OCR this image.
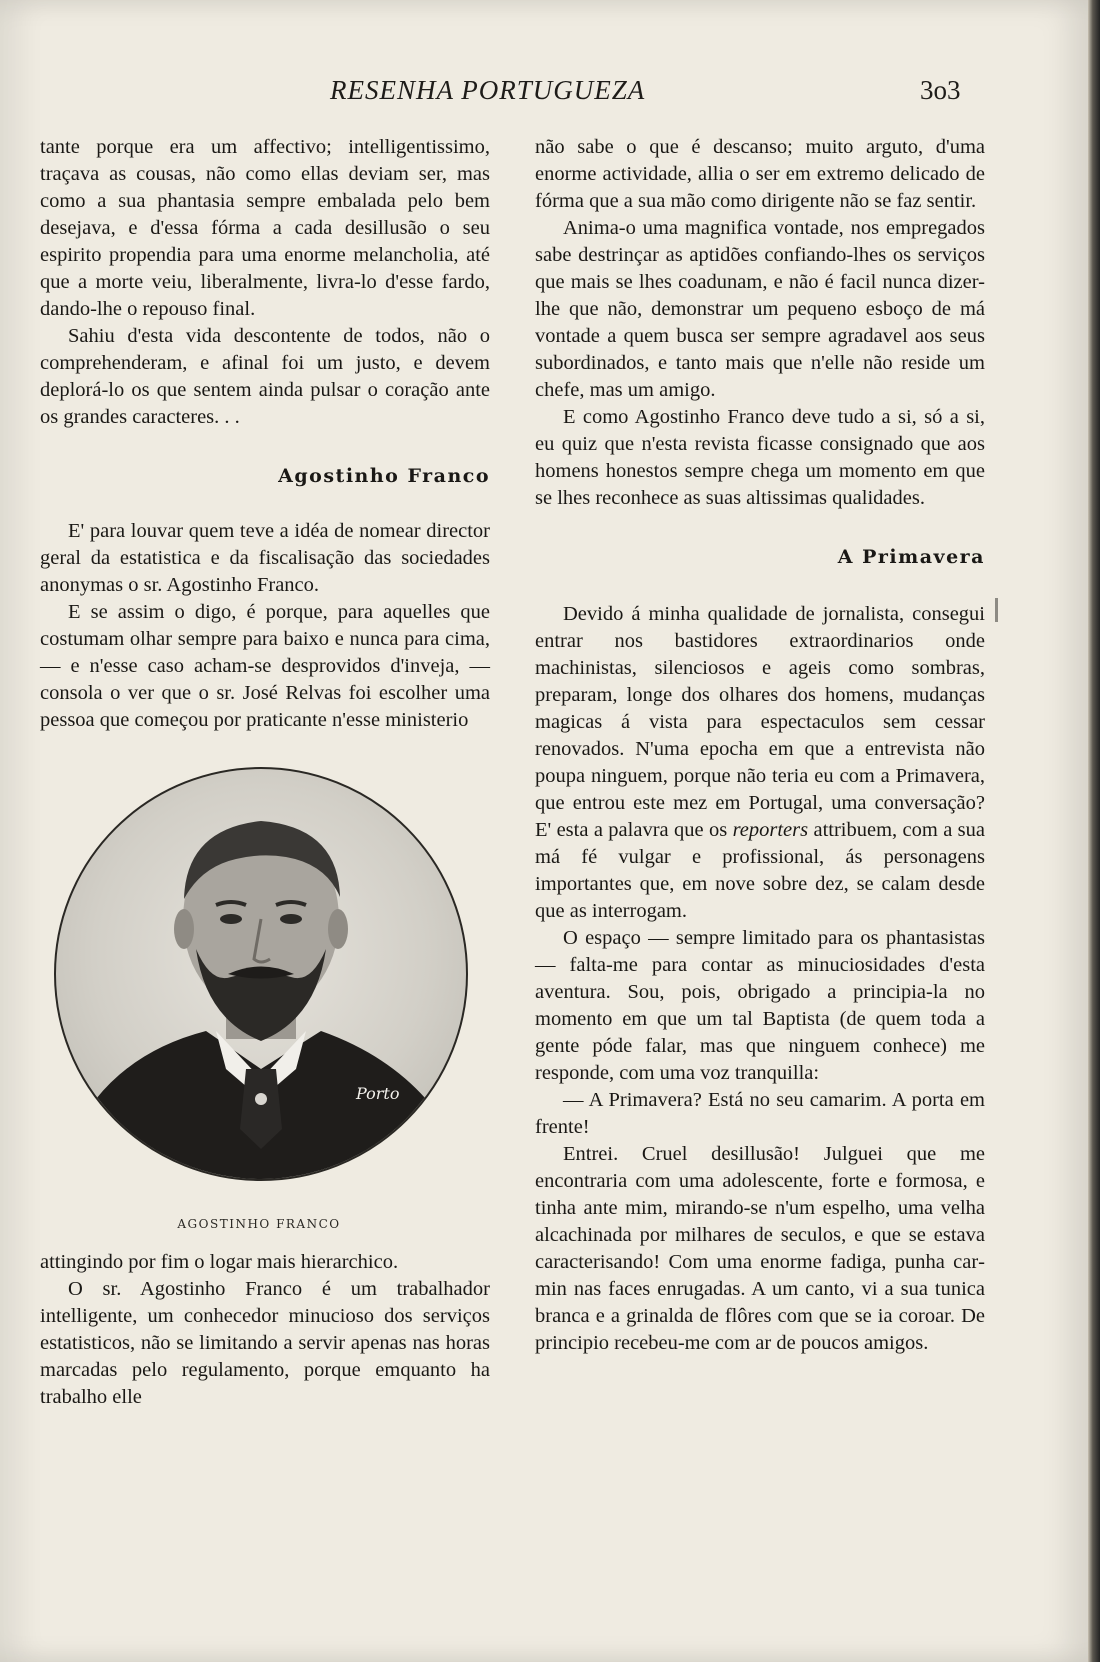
RESENHA PORTUGUEZA	3o3

tante porque era um affectivo; intelligentissimo, traçava as cousas, não como ellas deviam ser, mas como a sua phantasia sempre embalada pelo bem desejava, e d'essa fórma a cada desillusão o seu espirito propendia para uma enorme melancholia, até que a morte veiu, liberalmente, livra-lo d'esse fardo, dando-lhe o repouso final.

Sahiu d'esta vida descontente de todos, não o comprehenderam, e afinal foi um justo, e devem deplorá-lo os que sentem ainda pulsar o coração ante os grandes caracteres. . .

Agostinho Franco

E' para louvar quem teve a idéa de nomear director geral da estatistica e da fiscalisação das sociedades anonymas o sr. Agostinho Franco.

E se assim o digo, é porque, para aquelles que costumam olhar sempre para baixo e nunca para cima,— e n'esse caso acham-se desprovidos d'inveja, — consola o ver que o sr. José Relvas foi escolher uma pessoa que começou por praticante n'esse ministerio

Porto
AGOSTINHO FRANCO

attingindo por fim o logar mais hierarchico.

O sr. Agostinho Franco é um trabalhador intelligente, um conhecedor minucioso dos serviços estatisticos, não se limitando a servir apenas nas horas marcadas pelo regulamento, porque emquanto ha trabalho elle

não sabe o que é descanso; muito arguto, d'uma enorme actividade, allia o ser em extremo delicado de fórma que a sua mão como dirigente não se faz sentir.

Anima-o uma magnifica vontade, nos empregados sabe destrinçar as aptidões confiando-lhes os serviços que mais se lhes coadunam, e não é facil nunca dizer-lhe que não, demonstrar um pequeno esboço de má vontade a quem busca ser sempre agradavel aos seus subordinados, e tanto mais que n'elle não reside um chefe, mas um amigo.

E como Agostinho Franco deve tudo a si, só a si, eu quiz que n'esta revista ficasse consignado que aos homens honestos sempre chega um momento em que se lhes reconhece as suas altissimas qualidades.

A Primavera

Devido á minha qualidade de jornalista, consegui entrar nos bastidores extraordinarios onde machinistas, silenciosos e ageis como sombras, preparam, longe dos olhares dos homens, mudanças magicas á vista para espectaculos sem cessar renovados. N'uma epocha em que a entrevista não poupa ninguem, porque não teria eu com a Primavera, que entrou este mez em Portugal, uma conversação? E' esta a palavra que os reporters attribuem, com a sua má fé vulgar e profissional, ás personagens importantes que, em nove sobre dez, se calam desde que as interrogam.

O espaço — sempre limitado para os phantasistas — falta-me para contar as minuciosidades d'esta aventura. Sou, pois, obrigado a principia-la no momento em que um tal Baptista (de quem toda a gente póde falar, mas que ninguem conhece) me responde, com uma voz tranquilla:

— A Primavera? Está no seu camarim. A porta em frente!

Entrei. Cruel desillusão! Julguei que me encontraria com uma adolescente, forte e formosa, e tinha ante mim, mirando-se n'um espelho, uma velha alcachinada por milhares de seculos, e que se estava caracterisando! Com uma enorme fadiga, punha carmin nas faces enrugadas. A um canto, vi a sua tunica branca e a grinalda de flôres com que se ia coroar. De principio recebeu-me com ar de poucos amigos.
